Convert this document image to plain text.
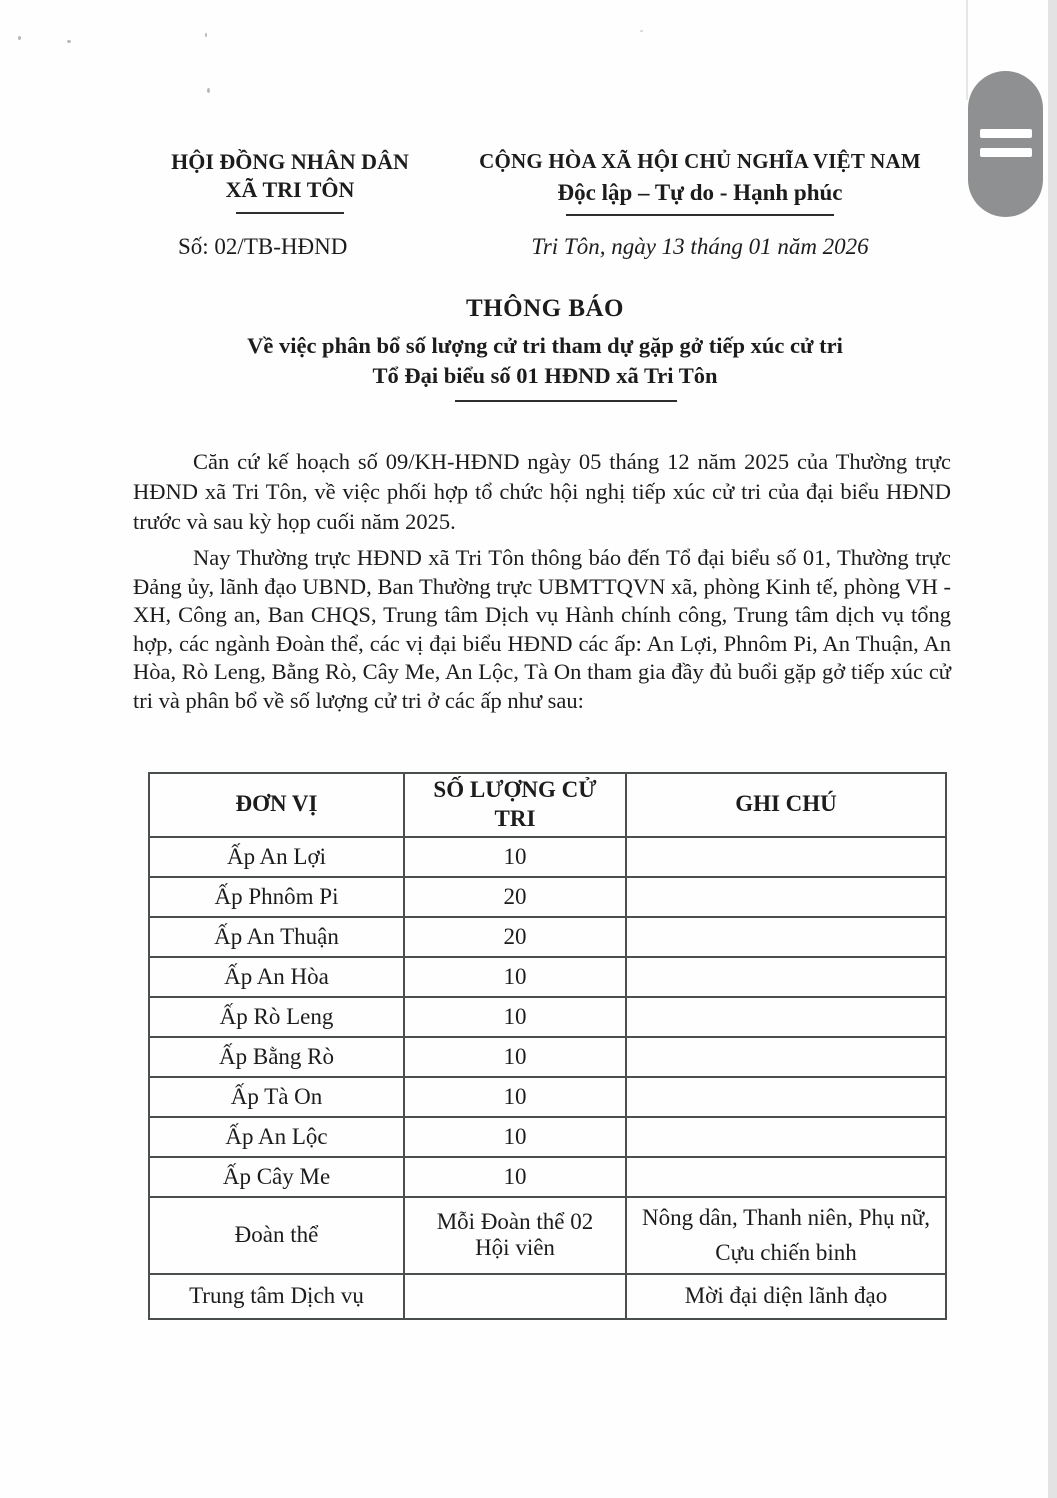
HỘI ĐỒNG NHÂN DÂN
XÃ TRI TÔN
Số: 02/TB-HĐND
CỘNG HÒA XÃ HỘI CHỦ NGHĨA VIỆT NAM
Độc lập – Tự do - Hạnh phúc
Tri Tôn, ngày 13 tháng 01 năm 2026
THÔNG BÁO
Về việc phân bổ số lượng cử tri tham dự gặp gở tiếp xúc cử tri
Tổ Đại biểu số 01 HĐND xã Tri Tôn

Căn cứ kế hoạch số 09/KH-HĐND ngày 05 tháng 12 năm 2025 của Thường trực HĐND xã Tri Tôn, về việc phối hợp tổ chức hội nghị tiếp xúc cử tri của đại biểu HĐND trước và sau kỳ họp cuối năm 2025.

Nay Thường trực HĐND xã Tri Tôn thông báo đến Tổ đại biểu số 01, Thường trực Đảng ủy, lãnh đạo UBND, Ban Thường trực UBMTTQVN xã, phòng Kinh tế, phòng VH - XH, Công an, Ban CHQS, Trung tâm Dịch vụ Hành chính công, Trung tâm dịch vụ tổng hợp, các ngành Đoàn thể, các vị đại biểu HĐND các ấp: An Lợi, Phnôm Pi, An Thuận, An Hòa, Rò Leng, Bằng Rò, Cây Me, An Lộc, Tà On tham gia đầy đủ buổi gặp gở tiếp xúc cử tri và phân bổ về số lượng cử tri ở các ấp như sau:

ĐƠN VỊ	SỐ LƯỢNG CỬ TRI	GHI CHÚ
Ấp An Lợi	10	
Ấp Phnôm Pi	20	
Ấp An Thuận	20	
Ấp An Hòa	10	
Ấp Rò Leng	10	
Ấp Bằng Rò	10	
Ấp Tà On	10	
Ấp An Lộc	10	
Ấp Cây Me	10	
Đoàn thể	Mỗi Đoàn thể 02 Hội viên	Nông dân, Thanh niên, Phụ nữ, Cựu chiến binh
Trung tâm Dịch vụ		Mời đại diện lãnh đạo
